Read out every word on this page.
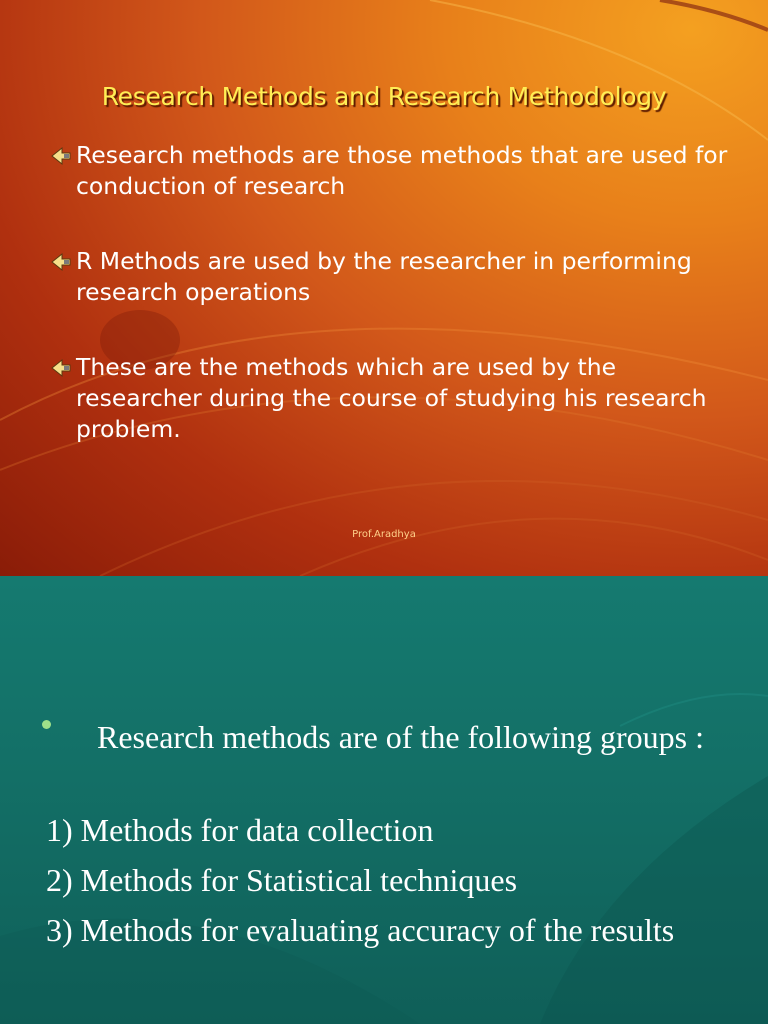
Research Methods and Research Methodology
Research methods are those methods that are used for conduction of research
R Methods are used by the researcher in performing research operations
These are the methods which are used by the researcher during the course of studying his research problem.
Prof.Aradhya
Research methods are of the following groups :
1) Methods for data collection
2) Methods for Statistical techniques
3) Methods for evaluating accuracy of the results
